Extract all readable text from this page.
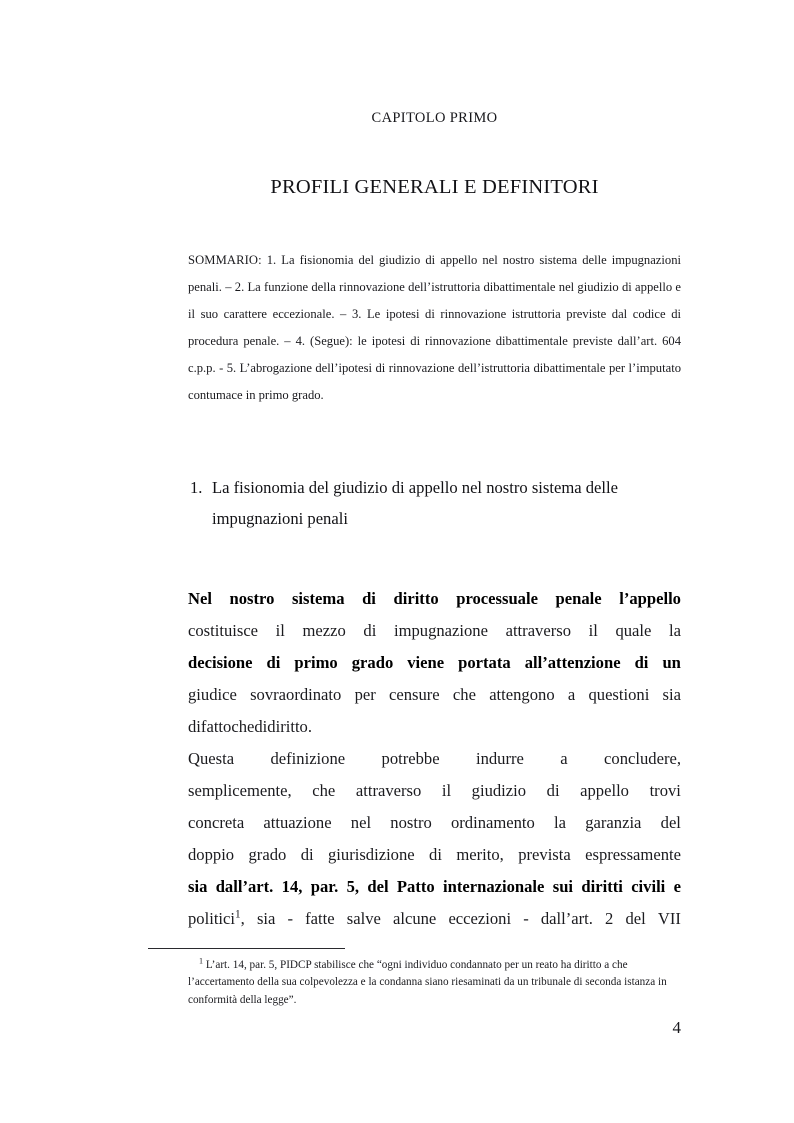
CAPITOLO PRIMO
PROFILI GENERALI E DEFINITORI
SOMMARIO: 1. La fisionomia del giudizio di appello nel nostro sistema delle impugnazioni penali. – 2. La funzione della rinnovazione dell’istruttoria dibattimentale nel giudizio di appello e il suo carattere eccezionale. – 3. Le ipotesi di rinnovazione istruttoria previste dal codice di procedura penale. – 4. (Segue): le ipotesi di rinnovazione dibattimentale previste dall’art. 604 c.p.p. - 5. L’abrogazione dell’ipotesi di rinnovazione dell’istruttoria dibattimentale per l’imputato contumace in primo grado.
1. La fisionomia del giudizio di appello nel nostro sistema delle
impugnazioni penali
Nel nostro sistema di diritto processuale penale l’appello
costituisce il mezzo di impugnazione attraverso il quale la
decisione di primo grado viene portata all’attenzione di un
giudice sovraordinato per censure che attengono a questioni sia
di fatto che di diritto.
Questa definizione potrebbe indurre a concludere,
semplicemente, che attraverso il giudizio di appello trovi
concreta attuazione nel nostro ordinamento la garanzia del
doppio grado di giurisdizione di merito, prevista espressamente
sia dall’art. 14, par. 5, del Patto internazionale sui diritti civili e
politici$^1$, sia - fatte salve alcune eccezioni - dall’art. 2 del VII

$^1$ L’art. 14, par. 5, PIDCP stabilisce che “ogni individuo condannato per un reato ha diritto a che l’accertamento della sua colpevolezza e la condanna siano riesaminati da un tribunale di seconda istanza in conformità della legge”.

4
